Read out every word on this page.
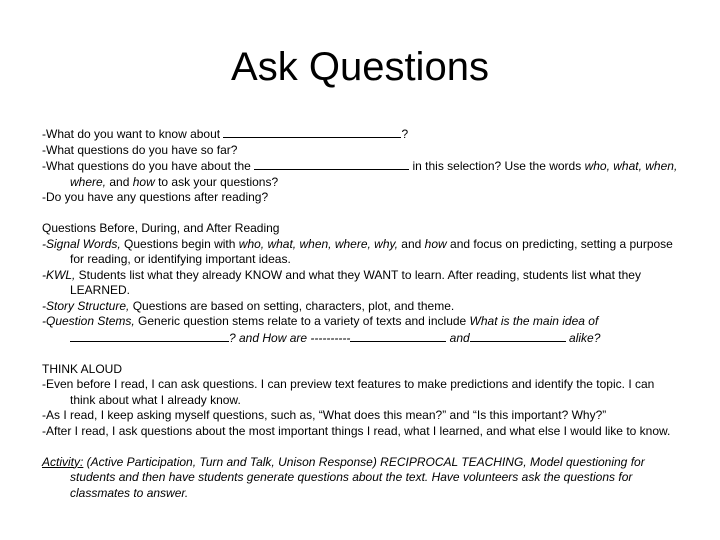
Ask Questions

-What do you want to know about	?

-What questions do you have so far?

-What questions do you have about the	in this selection? Use the words who, what, when, where, and how to ask your questions?

-Do you have any questions after reading?

Questions Before, During, and After Reading

-Signal Words, Questions begin with who, what, when, where, why, and how and focus on predicting, setting a purpose for reading, or identifying important ideas.

-KWL, Students list what they already KNOW and what they WANT to learn. After reading, students list what they LEARNED.

-Story Structure, Questions are based on setting, characters, plot, and theme.

-Question Stems, Generic question stems relate to a variety of texts and include What is the main idea of
? and How are ----------	and	alike?

THINK ALOUD

-Even before I read, I can ask questions. I can preview text features to make predictions and identify the topic. I can think about what I already know.

-As I read, I keep asking myself questions, such as, “What does this mean?” and “Is this important? Why?”

-After I read, I ask questions about the most important things I read, what I learned, and what else I would like to know.

Activity: (Active Participation, Turn and Talk, Unison Response) RECIPROCAL TEACHING, Model questioning for students and then have students generate questions about the text. Have volunteers ask the questions for classmates to answer.
